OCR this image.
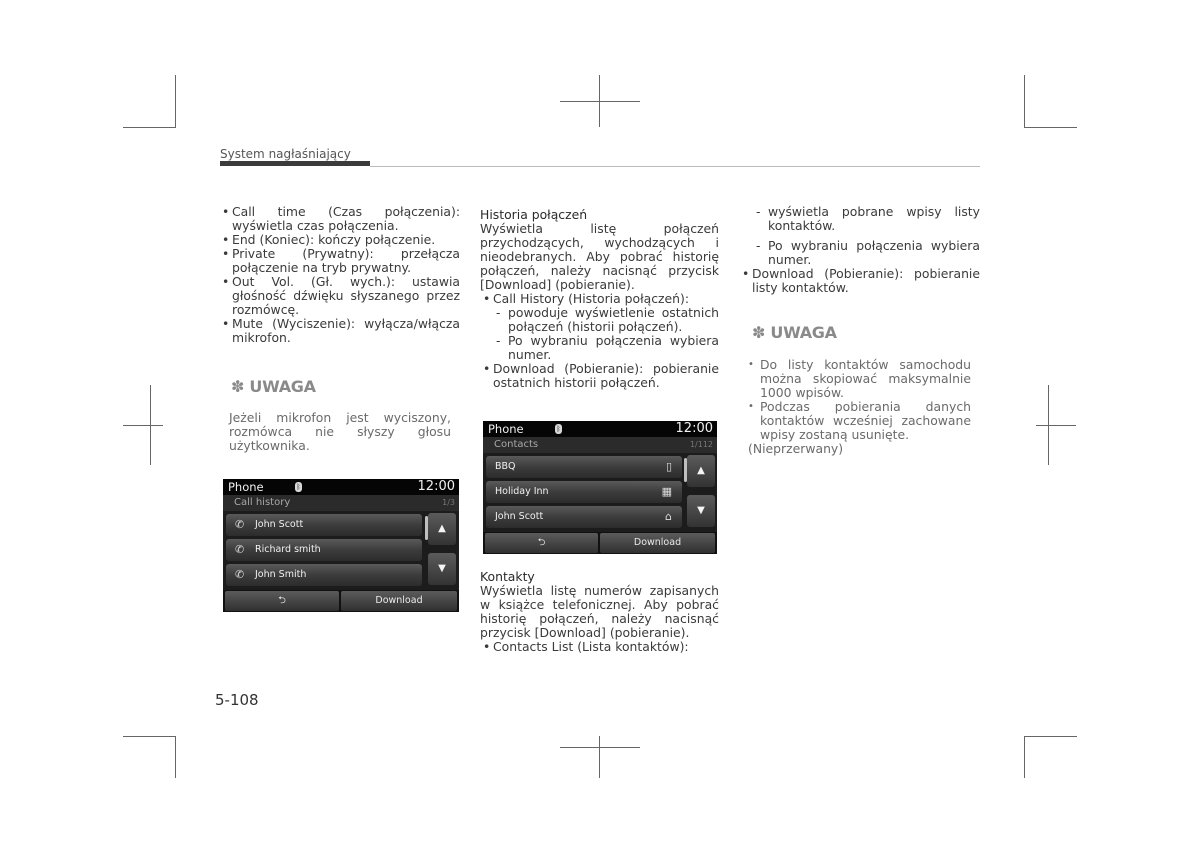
System nagłaśniający

• Call time (Czas połączenia): wyświetla czas połączenia.

• End (Koniec): kończy połączenie.

• Private (Prywatny): przełącza połączenie na tryb prywatny.

• Out Vol. (Gł. wych.): ustawia głośność dźwięku słyszanego przez rozmówcę.

• Mute (Wyciszenie): wyłącza/włącza mikrofon.

✽ UWAGA

Jeżeli mikrofon jest wyciszony, rozmówca nie słyszy głosu użytkownika.

Phone	ᛒ	12:00
Call history	1/3
✆ John Scott
✆ Richard smith
✆ John Smith
▲
▼
⮌	Download

Historia połączeń

Wyświetla listę połączeń przychodzących, wychodzących i nieodebranych. Aby pobrać historię połączeń, należy nacisnąć przycisk [Download] (pobieranie).

• Call History (Historia połączeń):

- powoduje wyświetlenie ostatnich połączeń (historii połączeń).

- Po wybraniu połączenia wybiera numer.

• Download (Pobieranie): pobieranie ostatnich historii połączeń.

Phone	ᛒ	12:00
Contacts	1/112
BBQ	▯
Holiday Inn	▦
John Scott	⌂
▲
▼
⮌	Download

Kontakty

Wyświetla listę numerów zapisanych w książce telefonicznej. Aby pobrać historię połączeń, należy nacisnąć przycisk [Download] (pobieranie).

• Contacts List (Lista kontaktów):

- wyświetla pobrane wpisy listy kontaktów.

- Po wybraniu połączenia wybiera numer.

• Download (Pobieranie): pobieranie listy kontaktów.

✽ UWAGA

• Do listy kontaktów samochodu można skopiować maksymalnie 1000 wpisów.

• Podczas pobierania danych kontaktów wcześniej zachowane wpisy zostaną usunięte.

(Nieprzerwany)

5-108
